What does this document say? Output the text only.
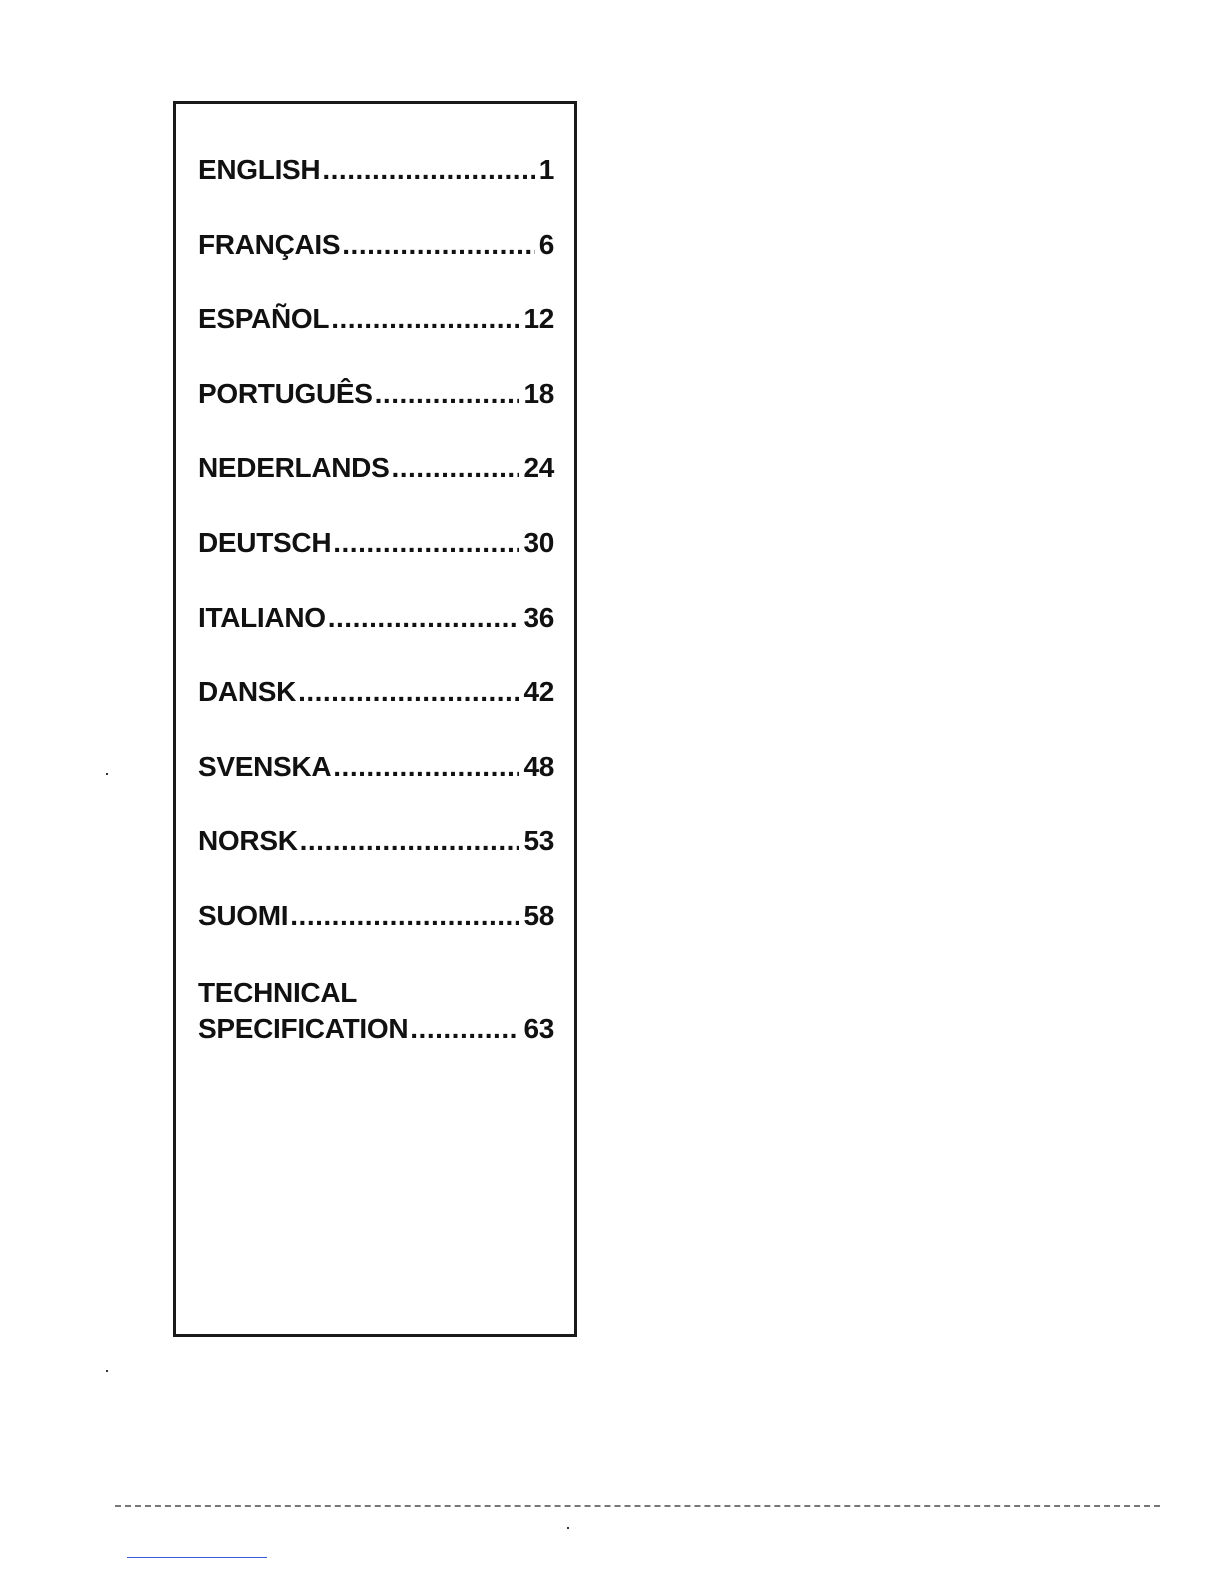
ENGLISH .....	1
FRANÇAIS .....	6
ESPAÑOL .....	12
PORTUGUÊS .....	18
NEDERLANDS .....	24
DEUTSCH .....	30
ITALIANO .....	36
DANSK .....	42
SVENSKA .....	48
NORSK .....	53
SUOMI .....	58
TECHNICAL
SPECIFICATION .....	63
